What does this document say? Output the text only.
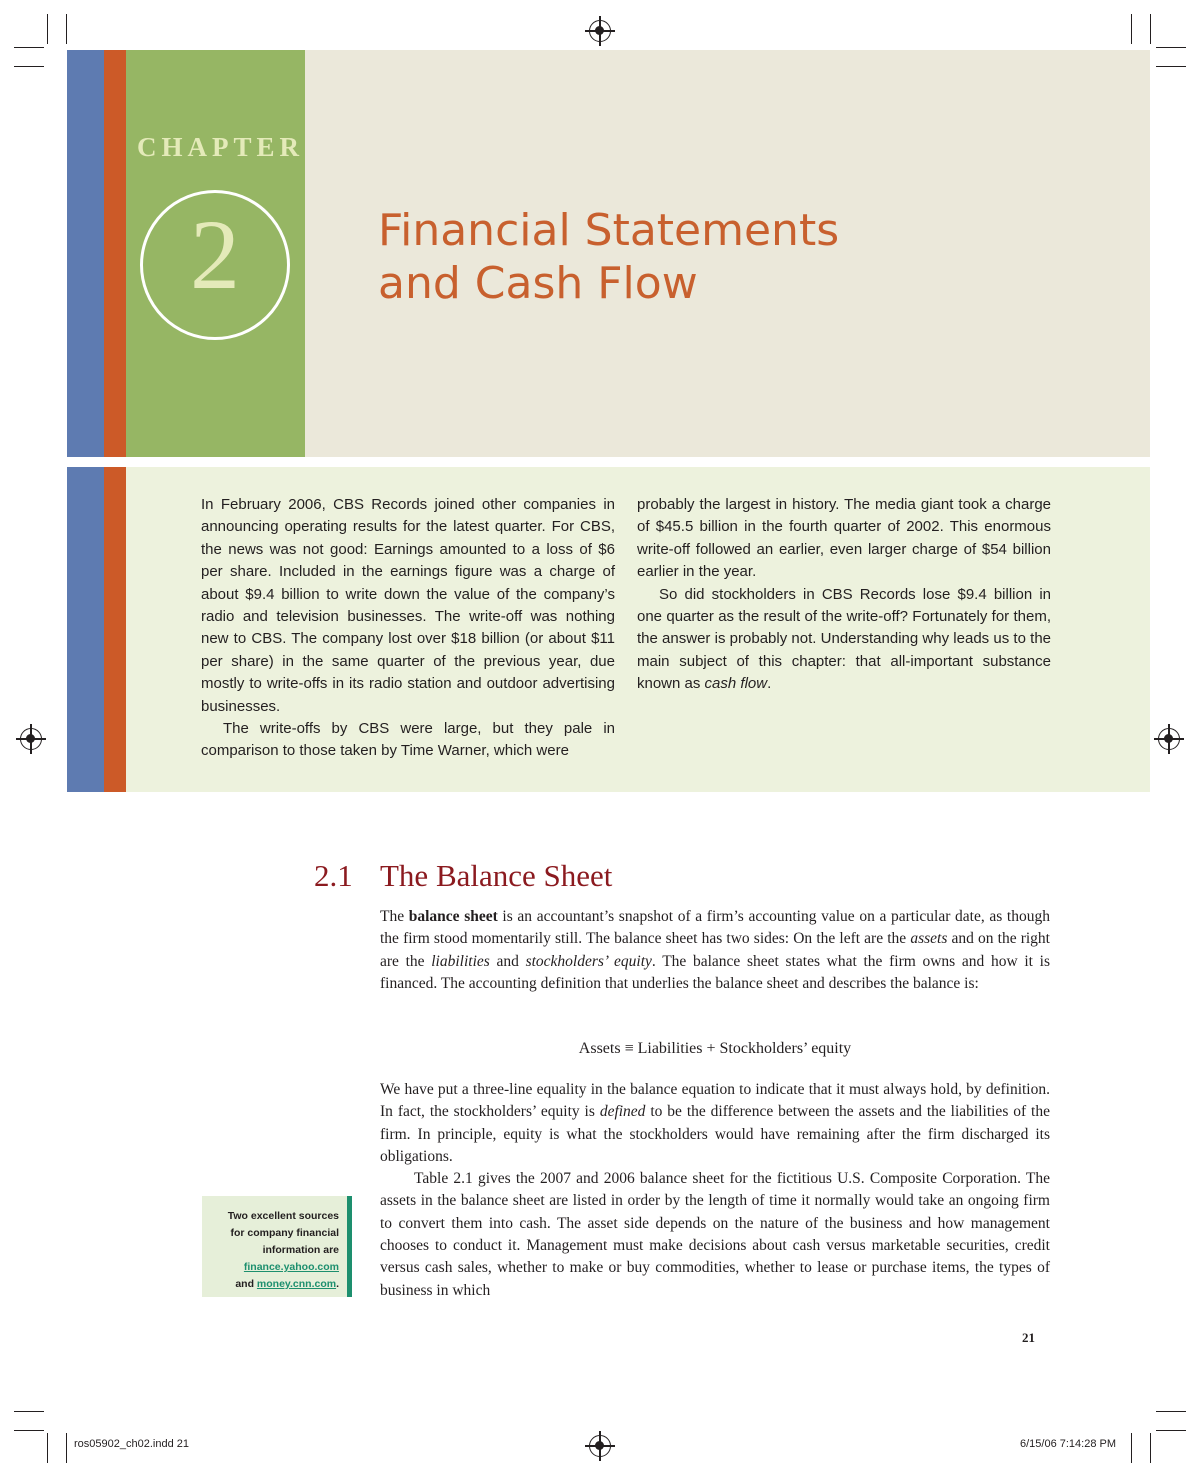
CHAPTER
2	Financial Statements
and Cash Flow

In February 2006, CBS Records joined other companies in announcing operating results for the latest quarter. For CBS, the news was not good: Earnings amounted to a loss of $6 per share. Included in the earnings figure was a charge of about $9.4 billion to write down the value of the company’s radio and television businesses. The write-off was nothing new to CBS. The company lost over $18 billion (or about $11 per share) in the same quarter of the previous year, due mostly to write-offs in its radio station and outdoor advertising businesses.

The write-offs by CBS were large, but they pale in comparison to those taken by Time Warner, which were

probably the largest in history. The media giant took a charge of $45.5 billion in the fourth quarter of 2002. This enormous write-off followed an earlier, even larger charge of $54 billion earlier in the year.

So did stockholders in CBS Records lose $9.4 billion in one quarter as the result of the write-off? Fortunately for them, the answer is probably not. Understanding why leads us to the main subject of this chapter: that all-important substance known as cash flow.

2.1 The Balance Sheet

The balance sheet is an accountant’s snapshot of a firm’s accounting value on a particular date, as though the firm stood momentarily still. The balance sheet has two sides: On the left are the assets and on the right are the liabilities and stockholders’ equity. The balance sheet states what the firm owns and how it is financed. The accounting definition that underlies the balance sheet and describes the balance is:

Assets ≡ Liabilities + Stockholders’ equity

We have put a three-line equality in the balance equation to indicate that it must always hold, by definition. In fact, the stockholders’ equity is defined to be the difference between the assets and the liabilities of the firm. In principle, equity is what the stockholders would have remaining after the firm discharged its obligations.

Table 2.1 gives the 2007 and 2006 balance sheet for the fictitious U.S. Composite Corporation. The assets in the balance sheet are listed in order by the length of time it normally would take an ongoing firm to convert them into cash. The asset side depends on the nature of the business and how management chooses to conduct it. Management must make decisions about cash versus marketable securities, credit versus cash sales, whether to make or buy commodities, whether to lease or purchase items, the types of business in which

Two excellent sources
for company financial
information are
finance.yahoo.com
and money.cnn.com.
21
ros05902_ch02.indd 21	6/15/06 7:14:28 PM
